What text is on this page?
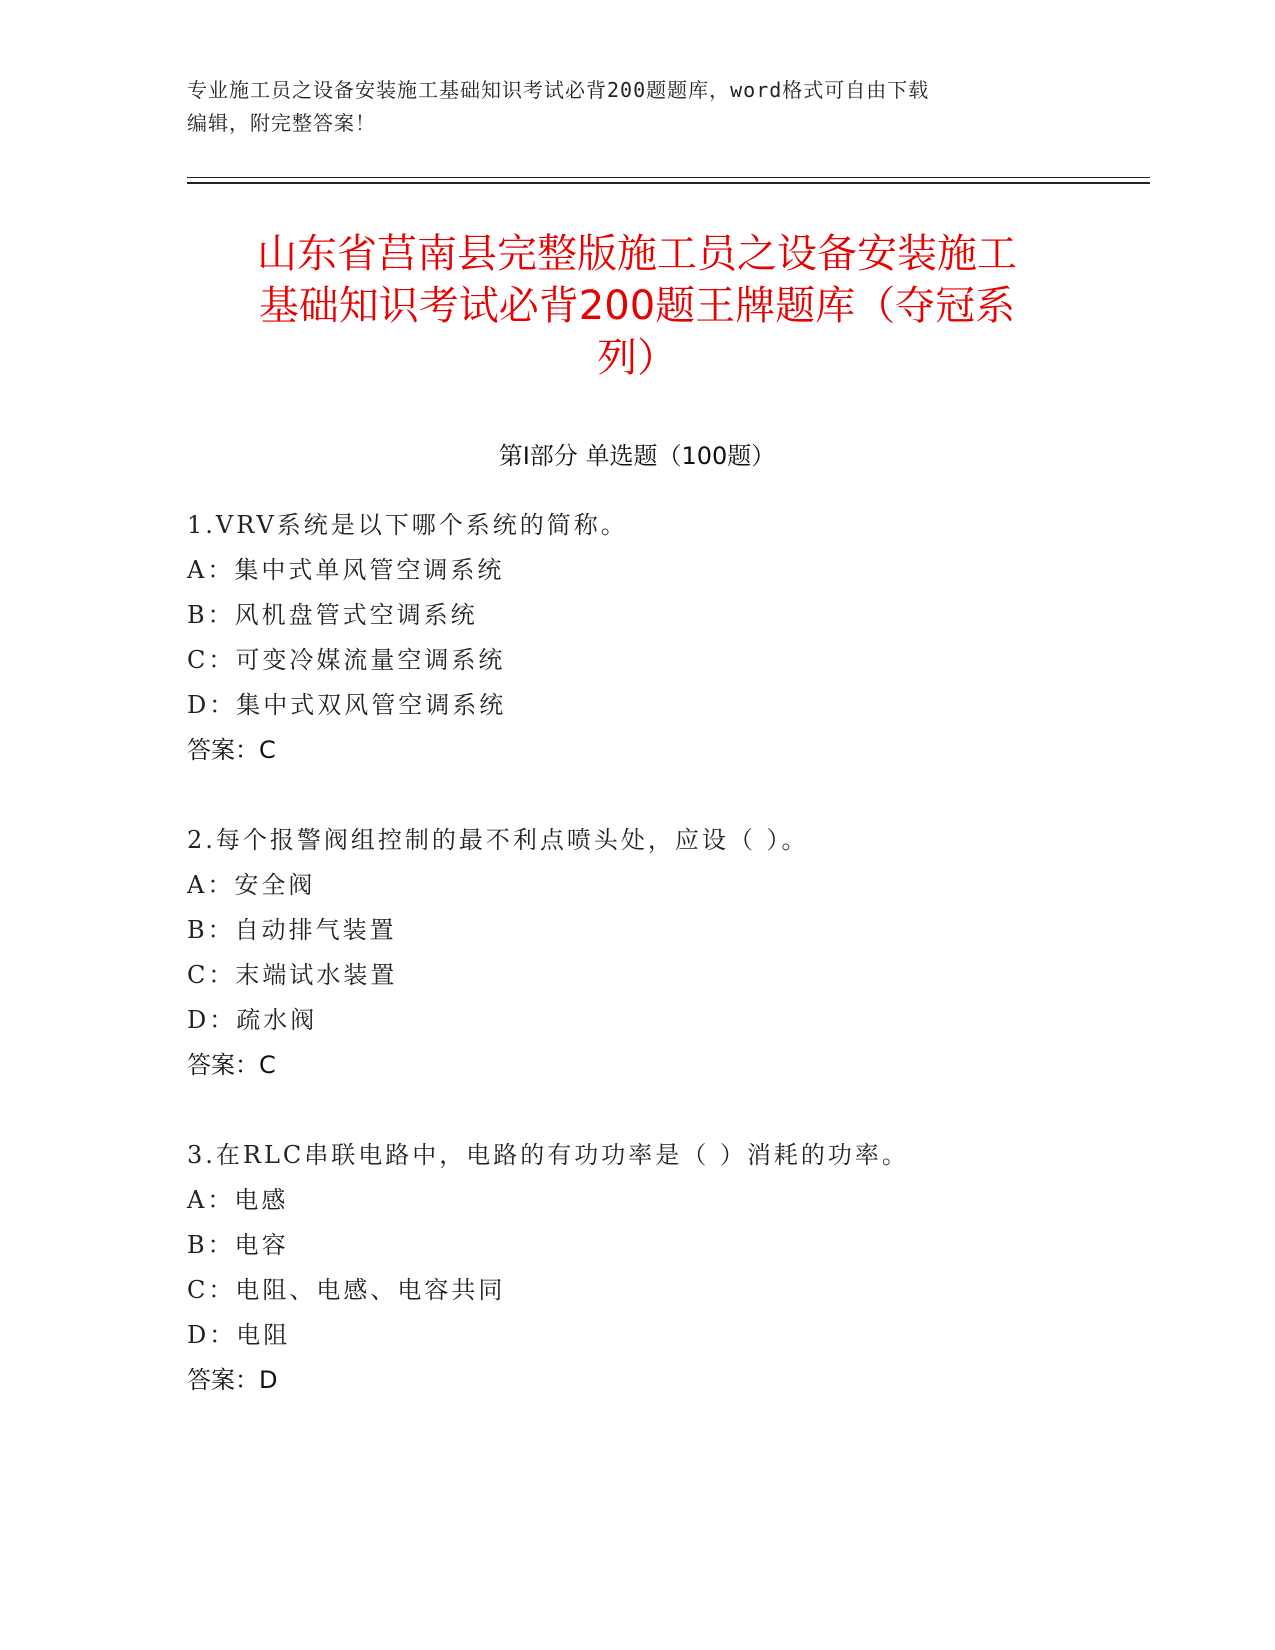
专业施工员之设备安装施工基础知识考试必背200题题库，word格式可自由下载
编辑，附完整答案！
山东省莒南县完整版施工员之设备安装施工
基础知识考试必背200题王牌题库（夺冠系
列）
第Ⅰ部分 单选题（100题）
1.VRV系统是以下哪个系统的简称。
A：集中式单风管空调系统
B：风机盘管式空调系统
C：可变冷媒流量空调系统
D：集中式双风管空调系统
答案：C
2.每个报警阀组控制的最不利点喷头处，应设（ ）。
A：安全阀
B：自动排气装置
C：末端试水装置
D：疏水阀
答案：C
3.在RLC串联电路中，电路的有功功率是（ ）消耗的功率。
A：电感
B：电容
C：电阻、电感、电容共同
D：电阻
答案：D
